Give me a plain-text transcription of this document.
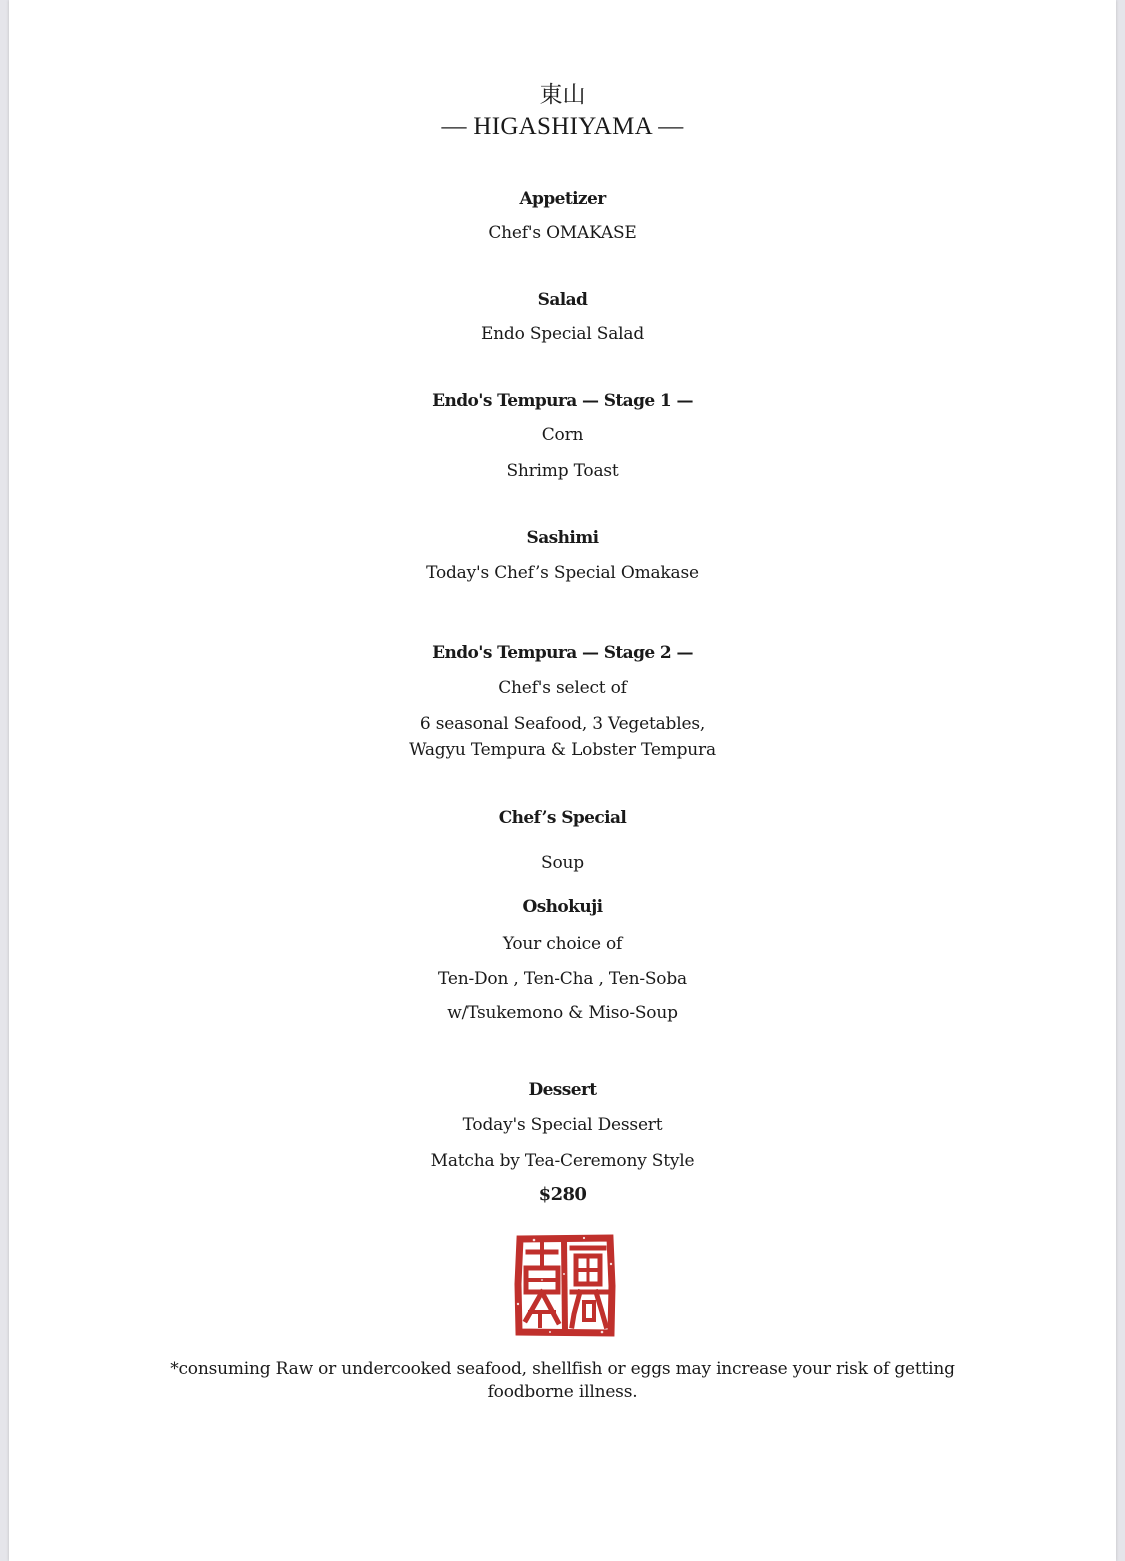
東山
— HIGASHIYAMA —
Appetizer
Chef's OMAKASE
Salad
Endo Special Salad
Endo's Tempura — Stage 1 —
Corn
Shrimp Toast
Sashimi
Today's Chef’s Special Omakase
Endo's Tempura — Stage 2 —
Chef's select of
6 seasonal Seafood, 3 Vegetables,
Wagyu Tempura & Lobster Tempura
Chef’s Special
Soup
Oshokuji
Your choice of
Ten-Don , Ten-Cha , Ten-Soba
w/Tsukemono & Miso-Soup
Dessert
Today's Special Dessert
Matcha by Tea-Ceremony Style
$280
*consuming Raw or undercooked seafood, shellfish or eggs may increase your risk of getting
foodborne illness.
